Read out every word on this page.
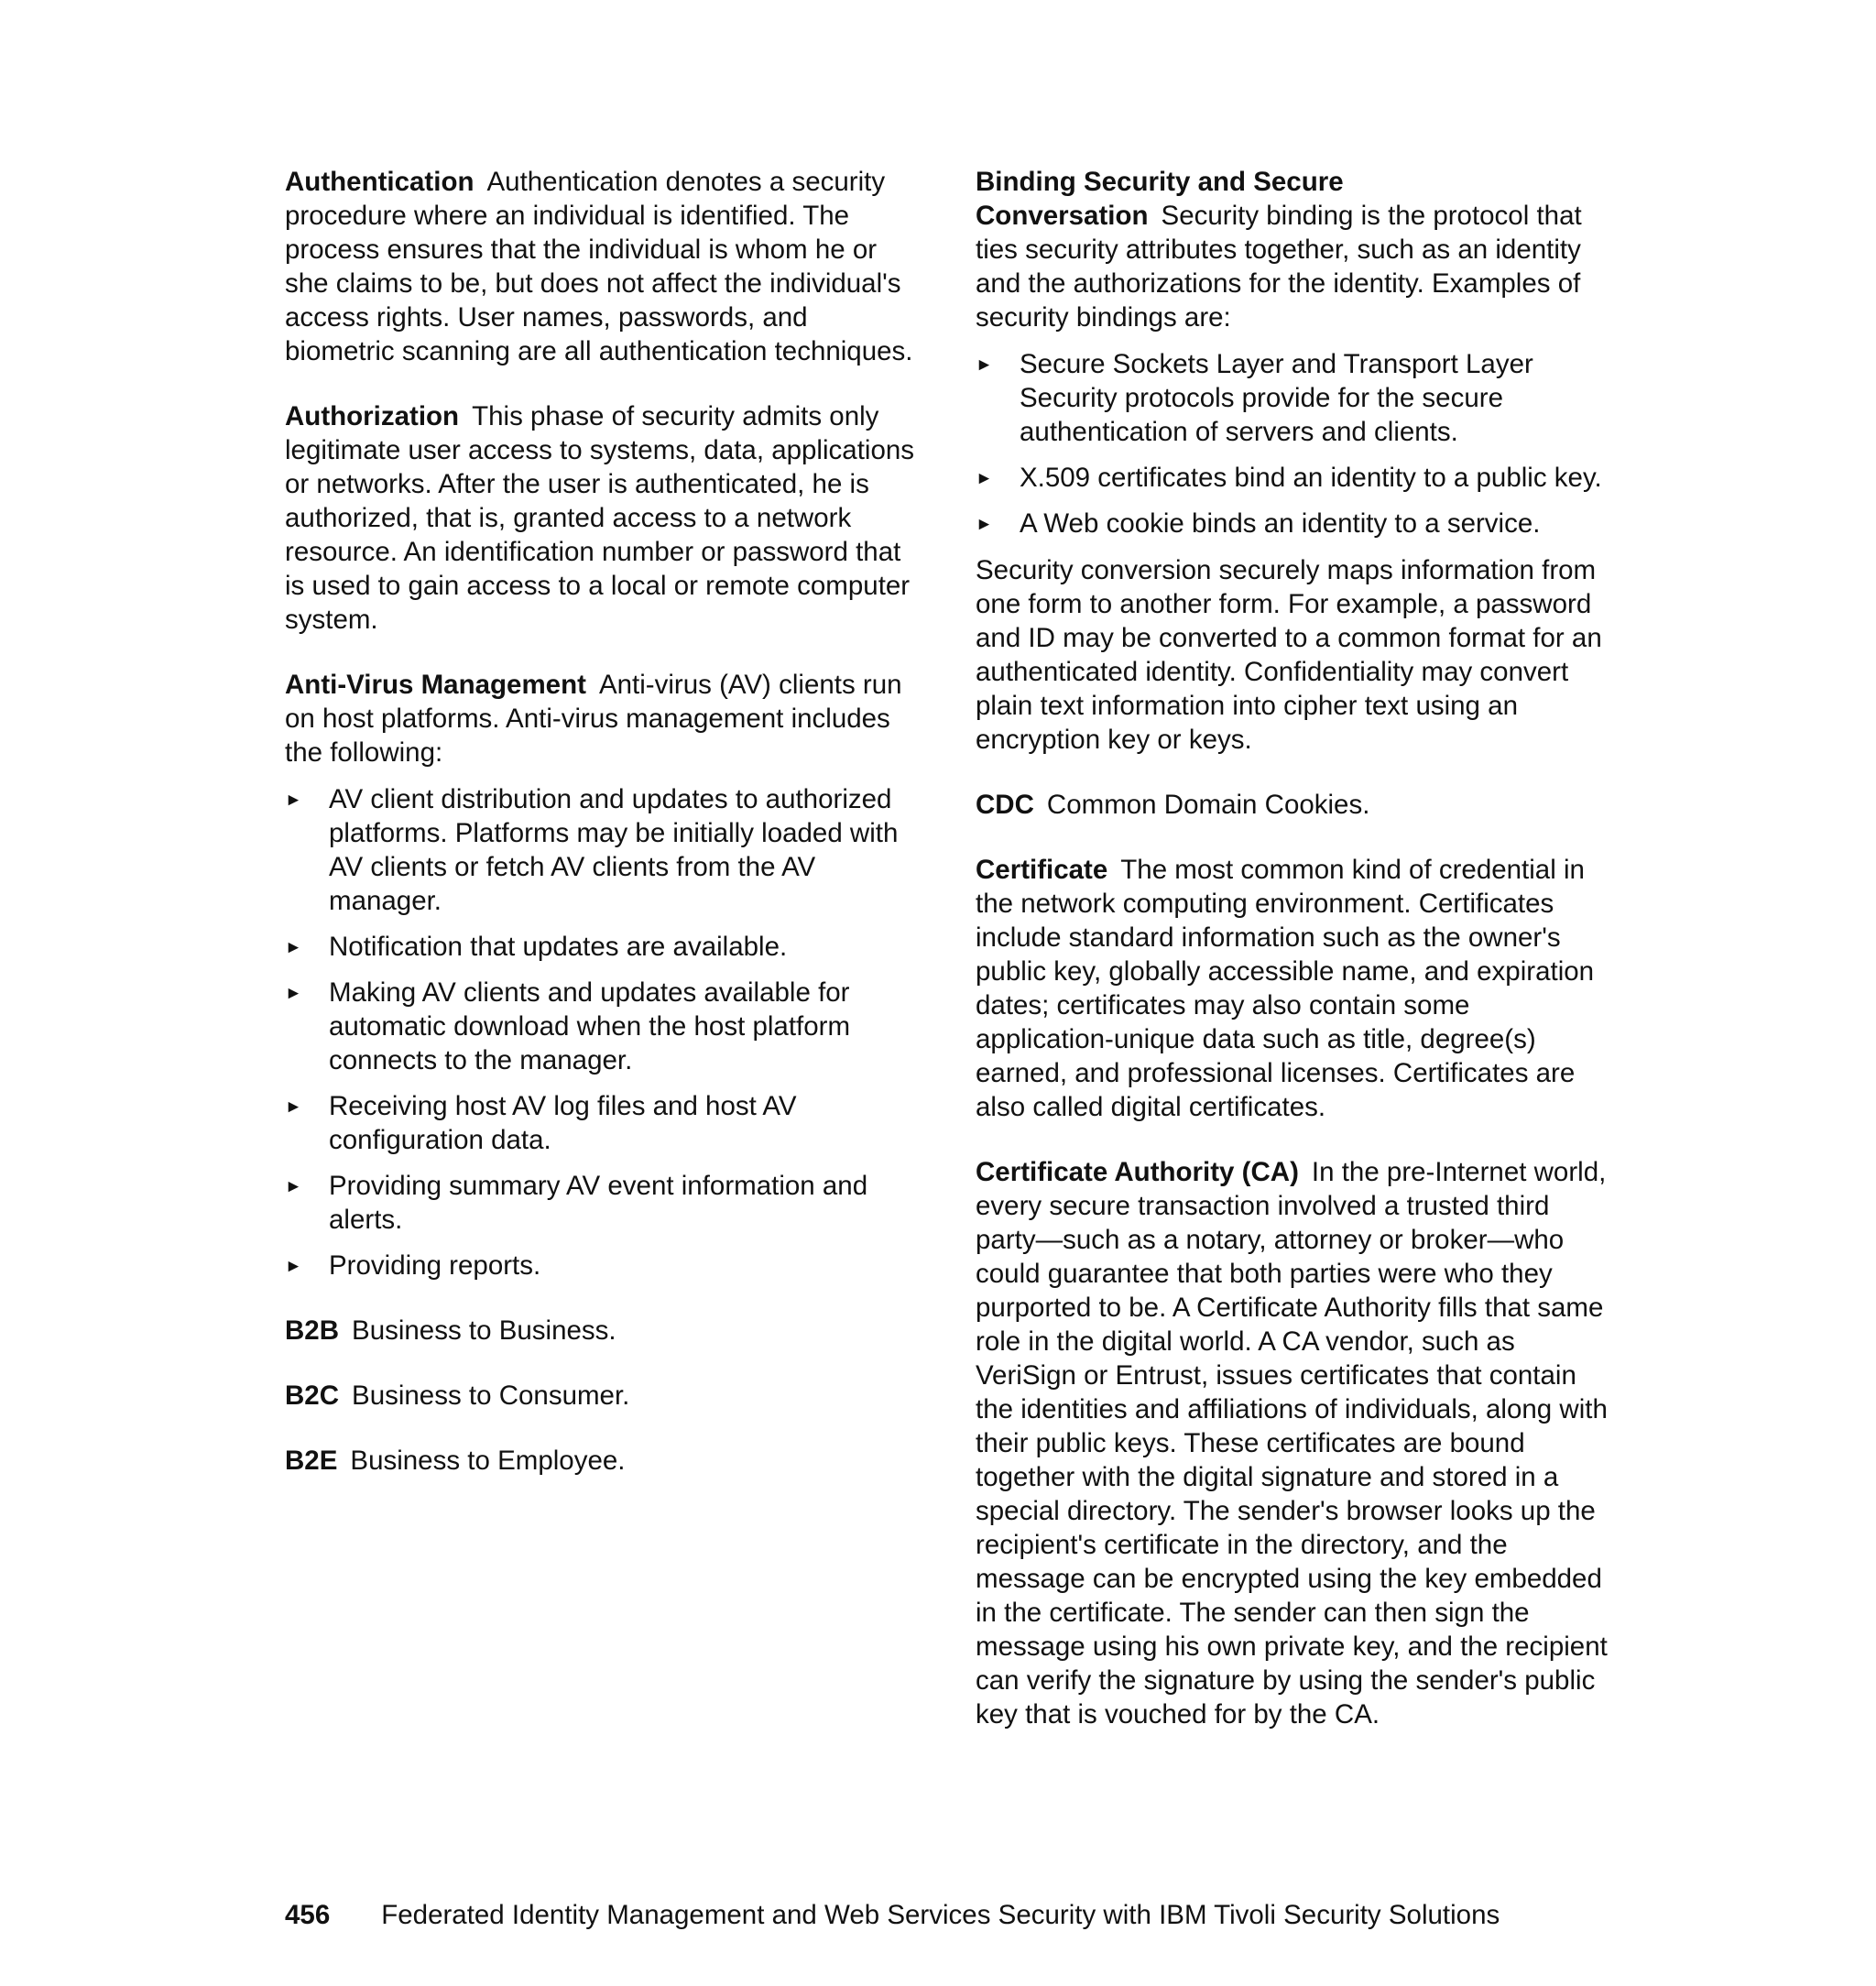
Authentication Authentication denotes a security procedure where an individual is identified. The process ensures that the individual is whom he or she claims to be, but does not affect the individual's access rights. User names, passwords, and biometric scanning are all authentication techniques.

Authorization This phase of security admits only legitimate user access to systems, data, applications or networks. After the user is authenticated, he is authorized, that is, granted access to a network resource. An identification number or password that is used to gain access to a local or remote computer system.

Anti-Virus Management Anti-virus (AV) clients run on host platforms. Anti-virus management includes the following:

► AV client distribution and updates to authorized platforms. Platforms may be initially loaded with AV clients or fetch AV clients from the AV manager.
► Notification that updates are available.
► Making AV clients and updates available for automatic download when the host platform connects to the manager.
► Receiving host AV log files and host AV configuration data.
► Providing summary AV event information and alerts.
► Providing reports.

B2B Business to Business.

B2C Business to Consumer.

B2E Business to Employee.

Binding Security and Secure Conversation Security binding is the protocol that ties security attributes together, such as an identity and the authorizations for the identity. Examples of security bindings are:

► Secure Sockets Layer and Transport Layer Security protocols provide for the secure authentication of servers and clients.
► X.509 certificates bind an identity to a public key.
► A Web cookie binds an identity to a service.

Security conversion securely maps information from one form to another form. For example, a password and ID may be converted to a common format for an authenticated identity. Confidentiality may convert plain text information into cipher text using an encryption key or keys.

CDC Common Domain Cookies.

Certificate The most common kind of credential in the network computing environment. Certificates include standard information such as the owner's public key, globally accessible name, and expiration dates; certificates may also contain some application-unique data such as title, degree(s) earned, and professional licenses. Certificates are also called digital certificates.

Certificate Authority (CA) In the pre-Internet world, every secure transaction involved a trusted third party—such as a notary, attorney or broker—who could guarantee that both parties were who they purported to be. A Certificate Authority fills that same role in the digital world. A CA vendor, such as VeriSign or Entrust, issues certificates that contain the identities and affiliations of individuals, along with their public keys. These certificates are bound together with the digital signature and stored in a special directory. The sender's browser looks up the recipient's certificate in the directory, and the message can be encrypted using the key embedded in the certificate. The sender can then sign the message using his own private key, and the recipient can verify the signature by using the sender's public key that is vouched for by the CA.

456 Federated Identity Management and Web Services Security with IBM Tivoli Security Solutions
